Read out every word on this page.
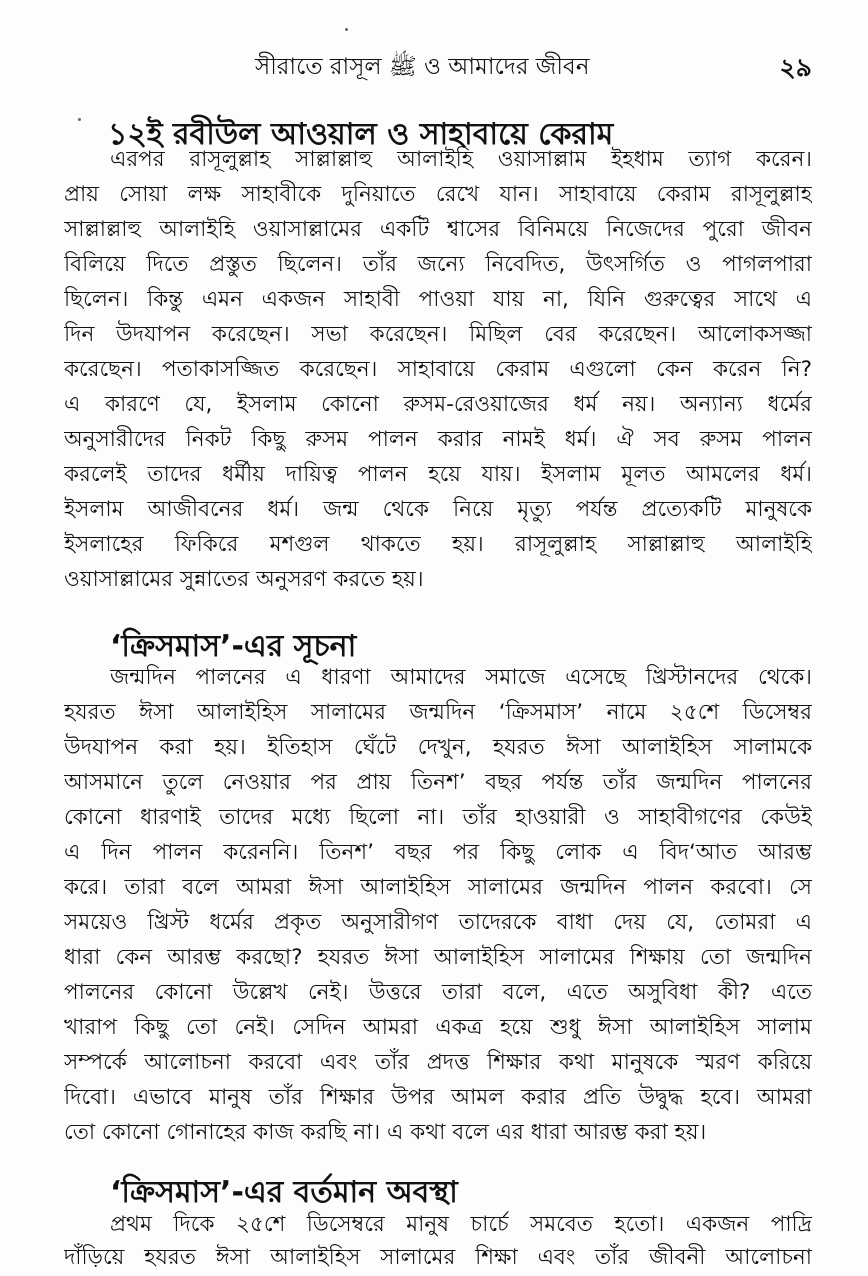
সীরাতে রাসূল ﷺ ও আমাদের জীবন	২৯
১২ই রবীউল আওয়াল ও সাহাবায়ে কেরাম
এরপর রাসূলুল্লাহ সাল্লাল্লাহু আলাইহি ওয়াসাল্লাম ইহধাম ত্যাগ করেন।
প্রায় সোয়া লক্ষ সাহাবীকে দুনিয়াতে রেখে যান। সাহাবায়ে কেরাম রাসূলুল্লাহ
সাল্লাল্লাহু আলাইহি ওয়াসাল্লামের একটি শ্বাসের বিনিময়ে নিজেদের পুরো জীবন
বিলিয়ে দিতে প্রস্তুত ছিলেন। তাঁর জন্যে নিবেদিত, উৎসর্গিত ও পাগলপারা
ছিলেন। কিন্তু এমন একজন সাহাবী পাওয়া যায় না, যিনি গুরুত্বের সাথে এ
দিন উদযাপন করেছেন। সভা করেছেন। মিছিল বের করেছেন। আলোকসজ্জা
করেছেন। পতাকাসজ্জিত করেছেন। সাহাবায়ে কেরাম এগুলো কেন করেন নি?
এ কারণে যে, ইসলাম কোনো রুসম-রেওয়াজের ধর্ম নয়। অন্যান্য ধর্মের
অনুসারীদের নিকট কিছু রুসম পালন করার নামই ধর্ম। ঐ সব রুসম পালন
করলেই তাদের ধর্মীয় দায়িত্ব পালন হয়ে যায়। ইসলাম মূলত আমলের ধর্ম।
ইসলাম আজীবনের ধর্ম। জন্ম থেকে নিয়ে মৃত্যু পর্যন্ত প্রত্যেকটি মানুষকে
ইসলাহের ফিকিরে মশগুল থাকতে হয়। রাসূলুল্লাহ সাল্লাল্লাহু আলাইহি
ওয়াসাল্লামের সুন্নাতের অনুসরণ করতে হয়।
‘ক্রিসমাস’-এর সূচনা
জন্মদিন পালনের এ ধারণা আমাদের সমাজে এসেছে খ্রিস্টানদের থেকে।
হযরত ঈসা আলাইহিস সালামের জন্মদিন ‘ক্রিসমাস’ নামে ২৫শে ডিসেম্বর
উদযাপন করা হয়। ইতিহাস ঘেঁটে দেখুন, হযরত ঈসা আলাইহিস সালামকে
আসমানে তুলে নেওয়ার পর প্রায় তিনশ’ বছর পর্যন্ত তাঁর জন্মদিন পালনের
কোনো ধারণাই তাদের মধ্যে ছিলো না। তাঁর হাওয়ারী ও সাহাবীগণের কেউই
এ দিন পালন করেননি। তিনশ’ বছর পর কিছু লোক এ বিদ‘আত আরম্ভ
করে। তারা বলে আমরা ঈসা আলাইহিস সালামের জন্মদিন পালন করবো। সে
সময়েও খ্রিস্ট ধর্মের প্রকৃত অনুসারীগণ তাদেরকে বাধা দেয় যে, তোমরা এ
ধারা কেন আরম্ভ করছো? হযরত ঈসা আলাইহিস সালামের শিক্ষায় তো জন্মদিন
পালনের কোনো উল্লেখ নেই। উত্তরে তারা বলে, এতে অসুবিধা কী? এতে
খারাপ কিছু তো নেই। সেদিন আমরা একত্র হয়ে শুধু ঈসা আলাইহিস সালাম
সম্পর্কে আলোচনা করবো এবং তাঁর প্রদত্ত শিক্ষার কথা মানুষকে স্মরণ করিয়ে
দিবো। এভাবে মানুষ তাঁর শিক্ষার উপর আমল করার প্রতি উদ্বুদ্ধ হবে। আমরা
তো কোনো গোনাহের কাজ করছি না। এ কথা বলে এর ধারা আরম্ভ করা হয়।
‘ক্রিসমাস’-এর বর্তমান অবস্থা
প্রথম দিকে ২৫শে ডিসেম্বরে মানুষ চার্চে সমবেত হতো। একজন পাদ্রি
দাঁড়িয়ে হযরত ঈসা আলাইহিস সালামের শিক্ষা এবং তাঁর জীবনী আলোচনা
